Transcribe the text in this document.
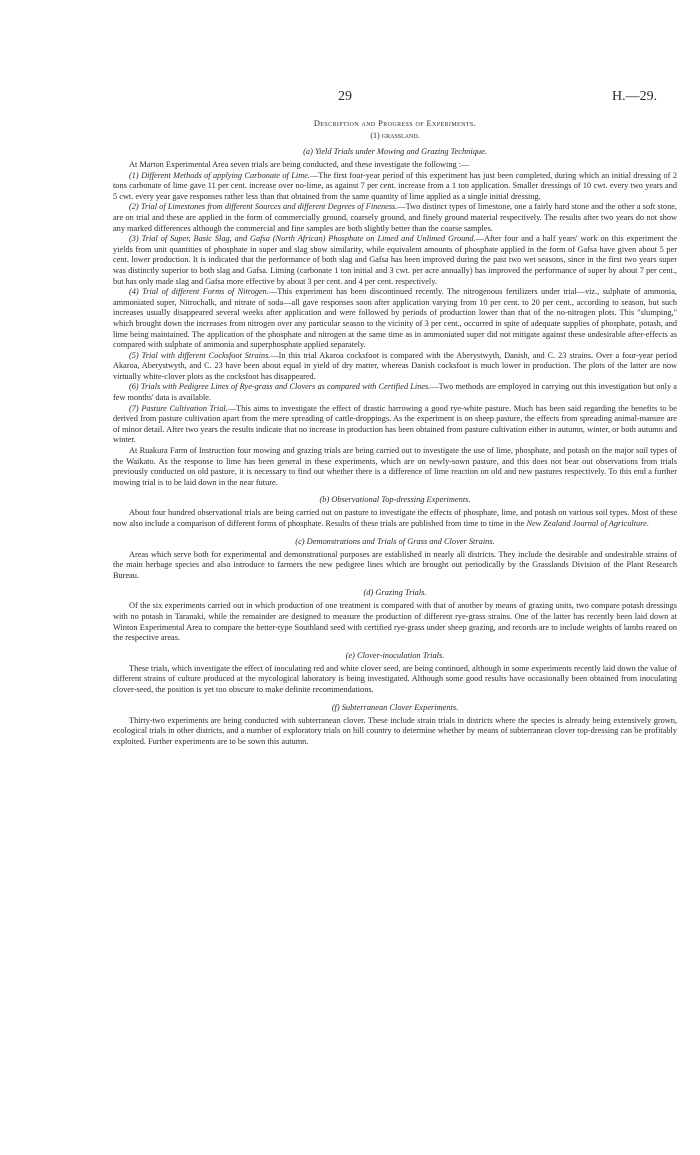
29	H.—29.
Description and Progress of Experiments.
(1) grassland.
(a) Yield Trials under Mowing and Grazing Technique.

At Marton Experimental Area seven trials are being conducted, and these investigate the following :—

(1) Different Methods of applying Carbonate of Lime.—The first four-year period of this experiment has just been completed, during which an initial dressing of 2 tons carbonate of lime gave 11 per cent. increase over no-lime, as against 7 per cent. increase from a 1 ton application. Smaller dressings of 10 cwt. every two years and 5 cwt. every year gave responses rather less than that obtained from the same quantity of lime applied as a single initial dressing.

(2) Trial of Limestones from different Sources and different Degrees of Fineness.—Two distinct types of limestone, one a fairly hard stone and the other a soft stone, are on trial and these are applied in the form of commercially ground, coarsely ground, and finely ground material respectively. The results after two years do not show any marked differences although the commercial and fine samples are both slightly better than the coarse samples.

(3) Trial of Super, Basic Slag, and Gafsa (North African) Phosphate on Limed and Unlimed Ground.—After four and a half years' work on this experiment the yields from unit quantities of phosphate in super and slag show similarity, while equivalent amounts of phosphate applied in the form of Gafsa have given about 5 per cent. lower production. It is indicated that the performance of both slag and Gafsa has been improved during the past two wet seasons, since in the first two years super was distinctly superior to both slag and Gafsa. Liming (carbonate 1 ton initial and 3 cwt. per acre annually) has improved the performance of super by about 7 per cent., but has only made slag and Gafsa more effective by about 3 per cent. and 4 per cent. respectively.

(4) Trial of different Forms of Nitrogen.—This experiment has been discontinued recently. The nitrogenous fertilizers under trial—viz., sulphate of ammonia, ammoniated super, Nitrochalk, and nitrate of soda—all gave responses soon after application varying from 10 per cent. to 20 per cent., according to season, but such increases usually disappeared several weeks after application and were followed by periods of production lower than that of the no-nitrogen plots. This "slumping," which brought down the increases from nitrogen over any particular season to the vicinity of 3 per cent., occurred in spite of adequate supplies of phosphate, potash, and lime being maintained. The application of the phosphate and nitrogen at the same time as in ammoniated super did not mitigate against these undesirable after-effects as compared with sulphate of ammonia and superphosphate applied separately.

(5) Trial with different Cocksfoot Strains.—In this trial Akaroa cocksfoot is compared with the Aberystwyth, Danish, and C. 23 strains. Over a four-year period Akaroa, Aberystwyth, and C. 23 have been about equal in yield of dry matter, whereas Danish cocksfoot is much lower in production. The plots of the latter are now virtually white-clover plots as the cocksfoot has disappeared.

(6) Trials with Pedigree Lines of Rye-grass and Clovers as compared with Certified Lines.—Two methods are employed in carrying out this investigation but only a few months' data is available.

(7) Pasture Cultivation Trial.—This aims to investigate the effect of drastic harrowing a good rye-white pasture. Much has been said regarding the benefits to be derived from pasture cultivation apart from the mere spreading of cattle-droppings. As the experiment is on sheep pasture, the effects from spreading animal-manure are of minor detail. After two years the results indicate that no increase in production has been obtained from pasture cultivation either in autumn, winter, or both autumn and winter.

At Ruakura Farm of Instruction four mowing and grazing trials are being carried out to investigate the use of lime, phosphate, and potash on the major soil types of the Waikato. As the response to lime has been general in these experiments, which are on newly-sown pasture, and this does not bear out observations from trials previously conducted on old pasture, it is necessary to find out whether there is a difference of lime reaction on old and new pastures respectively. To this end a further mowing trial is to be laid down in the near future.

(b) Observational Top-dressing Experiments.

About four hundred observational trials are being carried out on pasture to investigate the effects of phosphate, lime, and potash on various soil types. Most of these now also include a comparison of different forms of phosphate. Results of these trials are published from time to time in the New Zealand Journal of Agriculture.

(c) Demonstrations and Trials of Grass and Clover Strains.

Areas which serve both for experimental and demonstrational purposes are established in nearly all districts. They include the desirable and undesirable strains of the main herbage species and also introduce to farmers the new pedigree lines which are brought out periodically by the Grasslands Division of the Plant Research Bureau.

(d) Grazing Trials.

Of the six experiments carried out in which production of one treatment is compared with that of another by means of grazing units, two compare potash dressings with no potash in Taranaki, while the remainder are designed to measure the production of different rye-grass strains. One of the latter has recently been laid down at Winton Experimental Area to compare the better-type Southland seed with certified rye-grass under sheep grazing, and records are to include weights of lambs reared on the respective areas.

(e) Clover-inoculation Trials.

These trials, which investigate the effect of inoculating red and white clover seed, are being continued, although in some experiments recently laid down the value of different strains of culture produced at the mycological laboratory is being investigated. Although some good results have occasionally been obtained from inoculating clover-seed, the position is yet too obscure to make definite recommendations.

(f) Subterranean Clover Experiments.

Thirty-two experiments are being conducted with subterranean clover. These include strain trials in districts where the species is already being extensively grown, ecological trials in other districts, and a number of exploratory trials on hill country to determine whether by means of subterranean clover top-dressing can be profitably exploited. Further experiments are to be sown this autumn.
